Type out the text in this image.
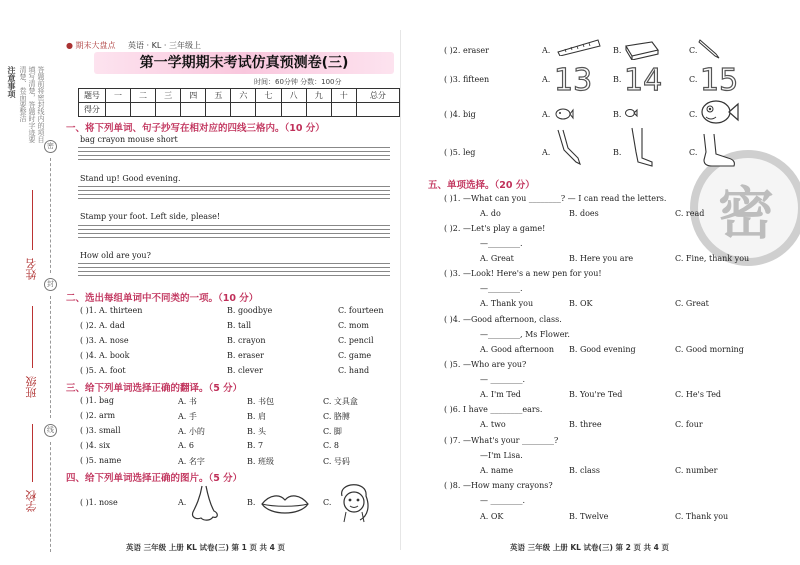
注意事项	答题前将密封线内的项目填写清楚，答题时字迹要清楚、卷面要整洁
密
封
线
姓名
班级
学校
● 期末大盘点 英语 · KL · 三年级上
第一学期期末考试仿真预测卷(三)
时间：60分钟 分数：100分
题号	一	二	三	四	五	六	七	八	九	十	总分
得分											
一、将下列单词、句子抄写在相对应的四线三格内。（10 分）
bag crayon mouse short
Stand up! Good evening.
Stamp your foot. Left side, please!
How old are you?
二、选出每组单词中不同类的一项。（10 分）
( )1. A. thirteen	B. goodbye	C. fourteen
( )2. A. dad	B. tall	C. mom
( )3. A. nose	B. crayon	C. pencil
( )4. A. book	B. eraser	C. game
( )5. A. foot	B. clever	C. hand
三、给下列单词选择正确的翻译。（5 分）
( )1. bag	A. 书	B. 书包	C. 文具盒
( )2. arm	A. 手	B. 肩	C. 胳膊
( )3. small	A. 小的	B. 头	C. 脚
( )4. six	A. 6	B. 7	C. 8
( )5. name	A. 名字	B. 班级	C. 号码
四、给下列单词选择正确的图片。（5 分）
( )1. nose	A.	B.	C.
英语 三年级 上册 KL 试卷(三) 第 1 页 共 4 页
密
( )2. eraser	A.	B.	C.
( )3. fifteen	A. 13	B. 14	C. 15
( )4. big	A.	B.	C.
( )5. leg	A.	B.	C.
五、单项选择。（20 分）
( )1. —What can you ________? — I can read the letters.
A. do	B. does	C. read
( )2. —Let's play a game!
—________.
A. Great	B. Here you are	C. Fine, thank you
( )3. —Look! Here's a new pen for you!
—________.
A. Thank you	B. OK	C. Great
( )4. —Good afternoon, class.
—________, Ms Flower.
A. Good afternoon B. Good evening	C. Good morning
( )5. —Who are you?
— ________.
A. I'm Ted	B. You're Ted	C. He's Ted
( )6. I have ________ears.
A. two	B. three	C. four
( )7. —What's your ________?
—I'm Lisa.
A. name	B. class	C. number
( )8. —How many crayons?
— ________.
A. OK	B. Twelve	C. Thank you
英语 三年级 上册 KL 试卷(三) 第 2 页 共 4 页
